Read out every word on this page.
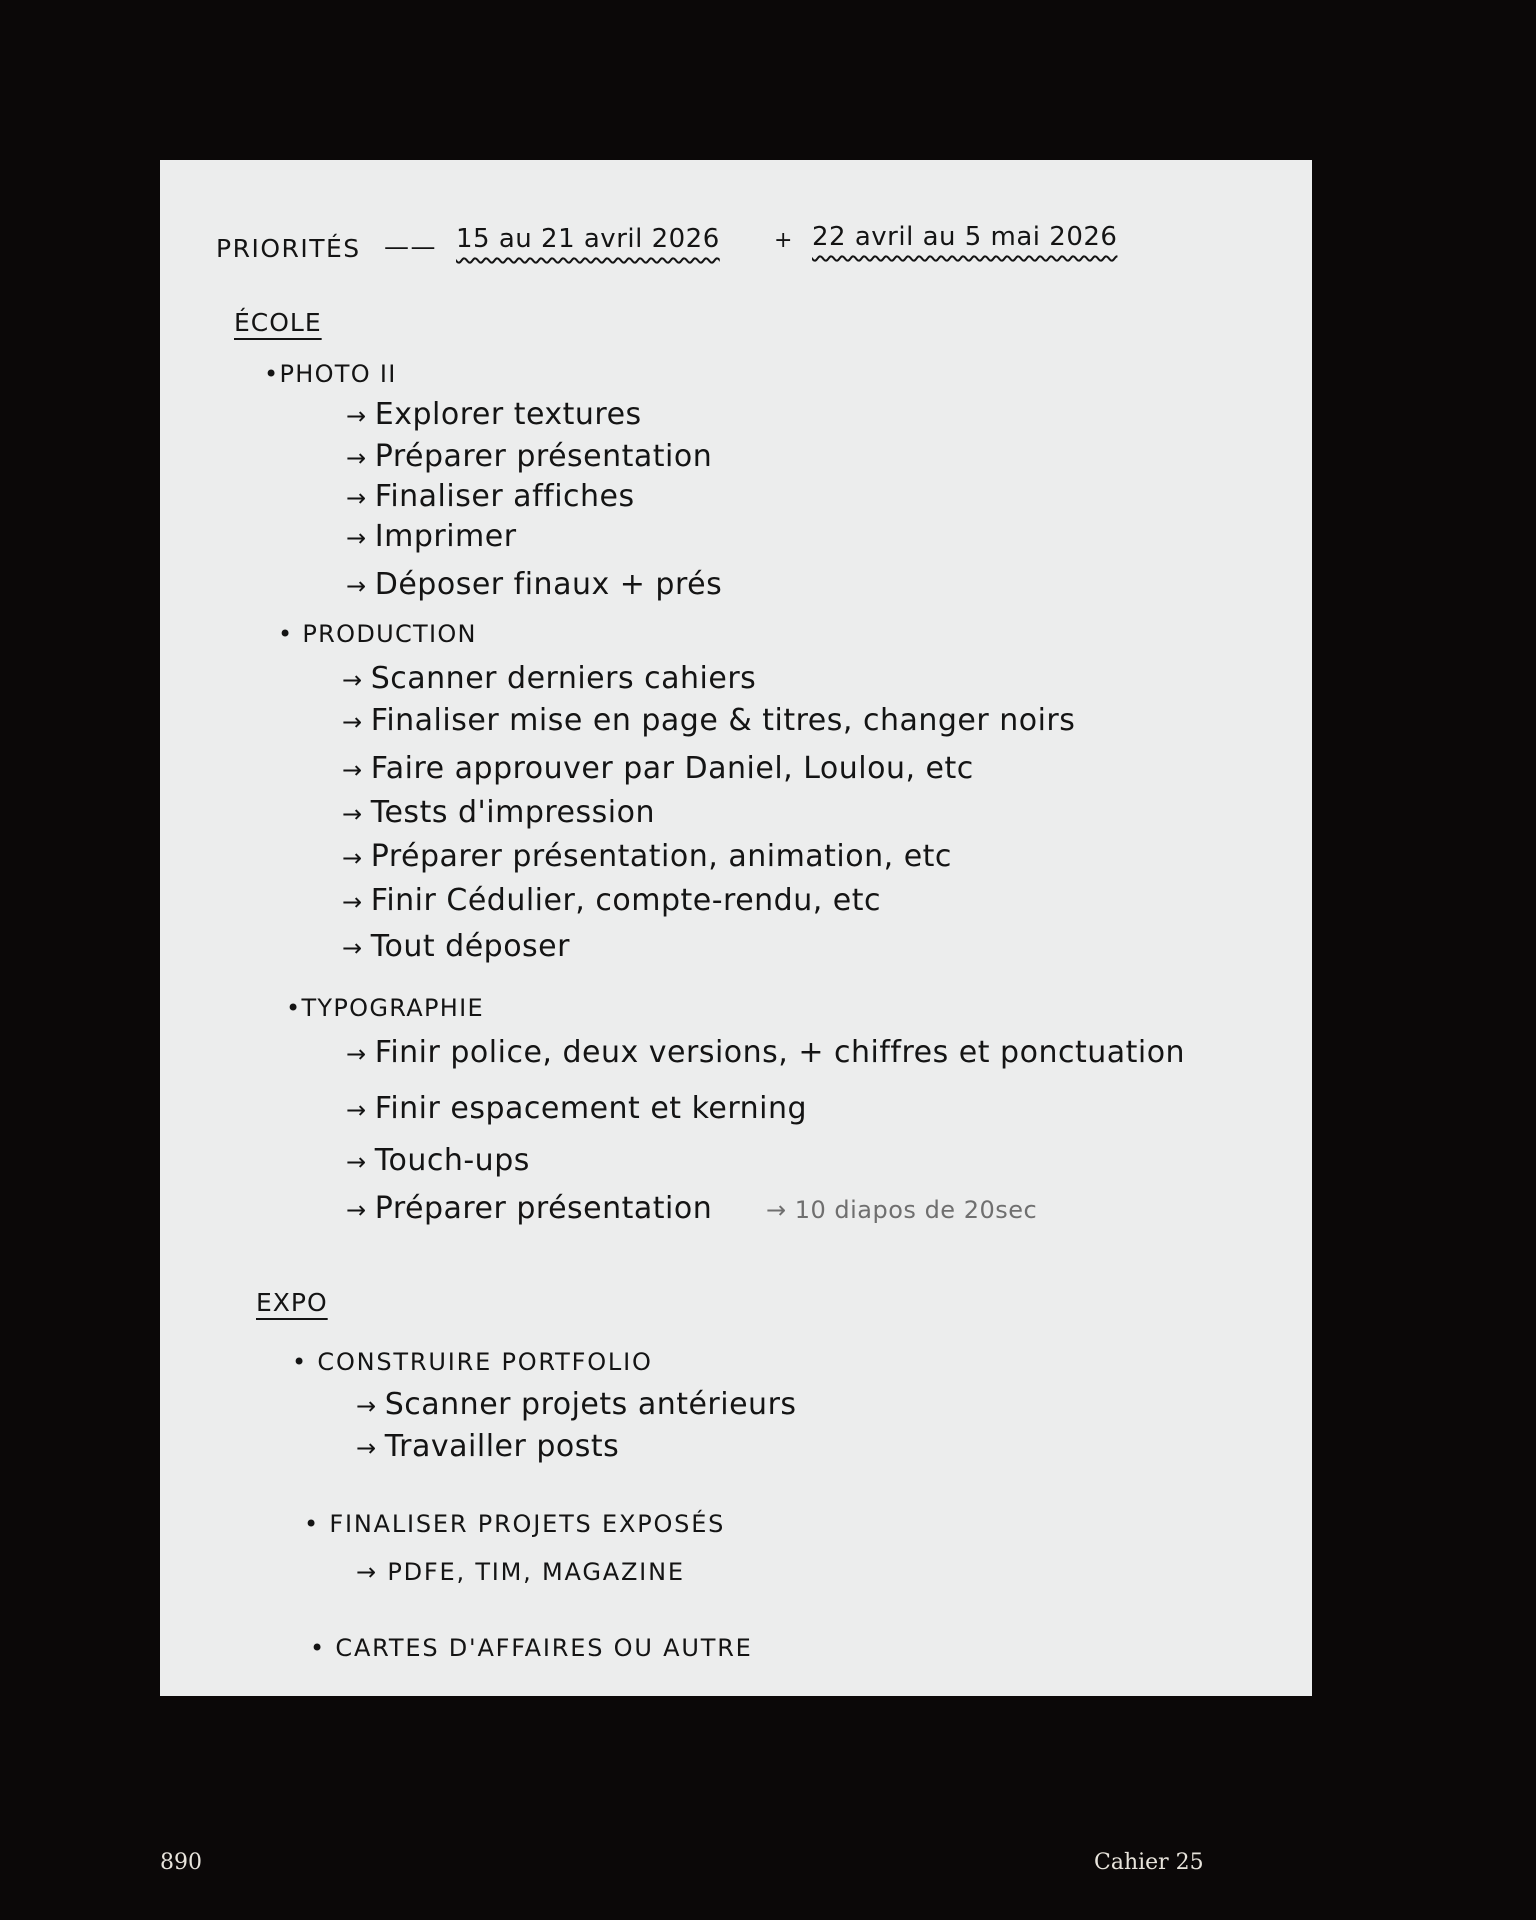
PRIORITÉS —— 15 au 21 avril 2026 + 22 avril au 5 mai 2026
ÉCOLE
•PHOTO II
→ Explorer textures
→ Préparer présentation
→ Finaliser affiches
→ Imprimer
→ Déposer finaux + prés
• PRODUCTION
→ Scanner derniers cahiers
→ Finaliser mise en page & titres, changer noirs
→ Faire approuver par Daniel, Loulou, etc
→ Tests d'impression
→ Préparer présentation, animation, etc
→ Finir Cédulier, compte-rendu, etc
→ Tout déposer
•TYPOGRAPHIE
→ Finir police, deux versions, + chiffres et ponctuation
→ Finir espacement et kerning
→ Touch-ups
→ Préparer présentation → 10 diapos de 20sec
EXPO
• CONSTRUIRE PORTFOLIO
→ Scanner projets antérieurs
→ Travailler posts
• FINALISER PROJETS EXPOSÉS
→ PDFE, TIM, MAGAZINE
• CARTES D'AFFAIRES OU AUTRE
890	Cahier 25
